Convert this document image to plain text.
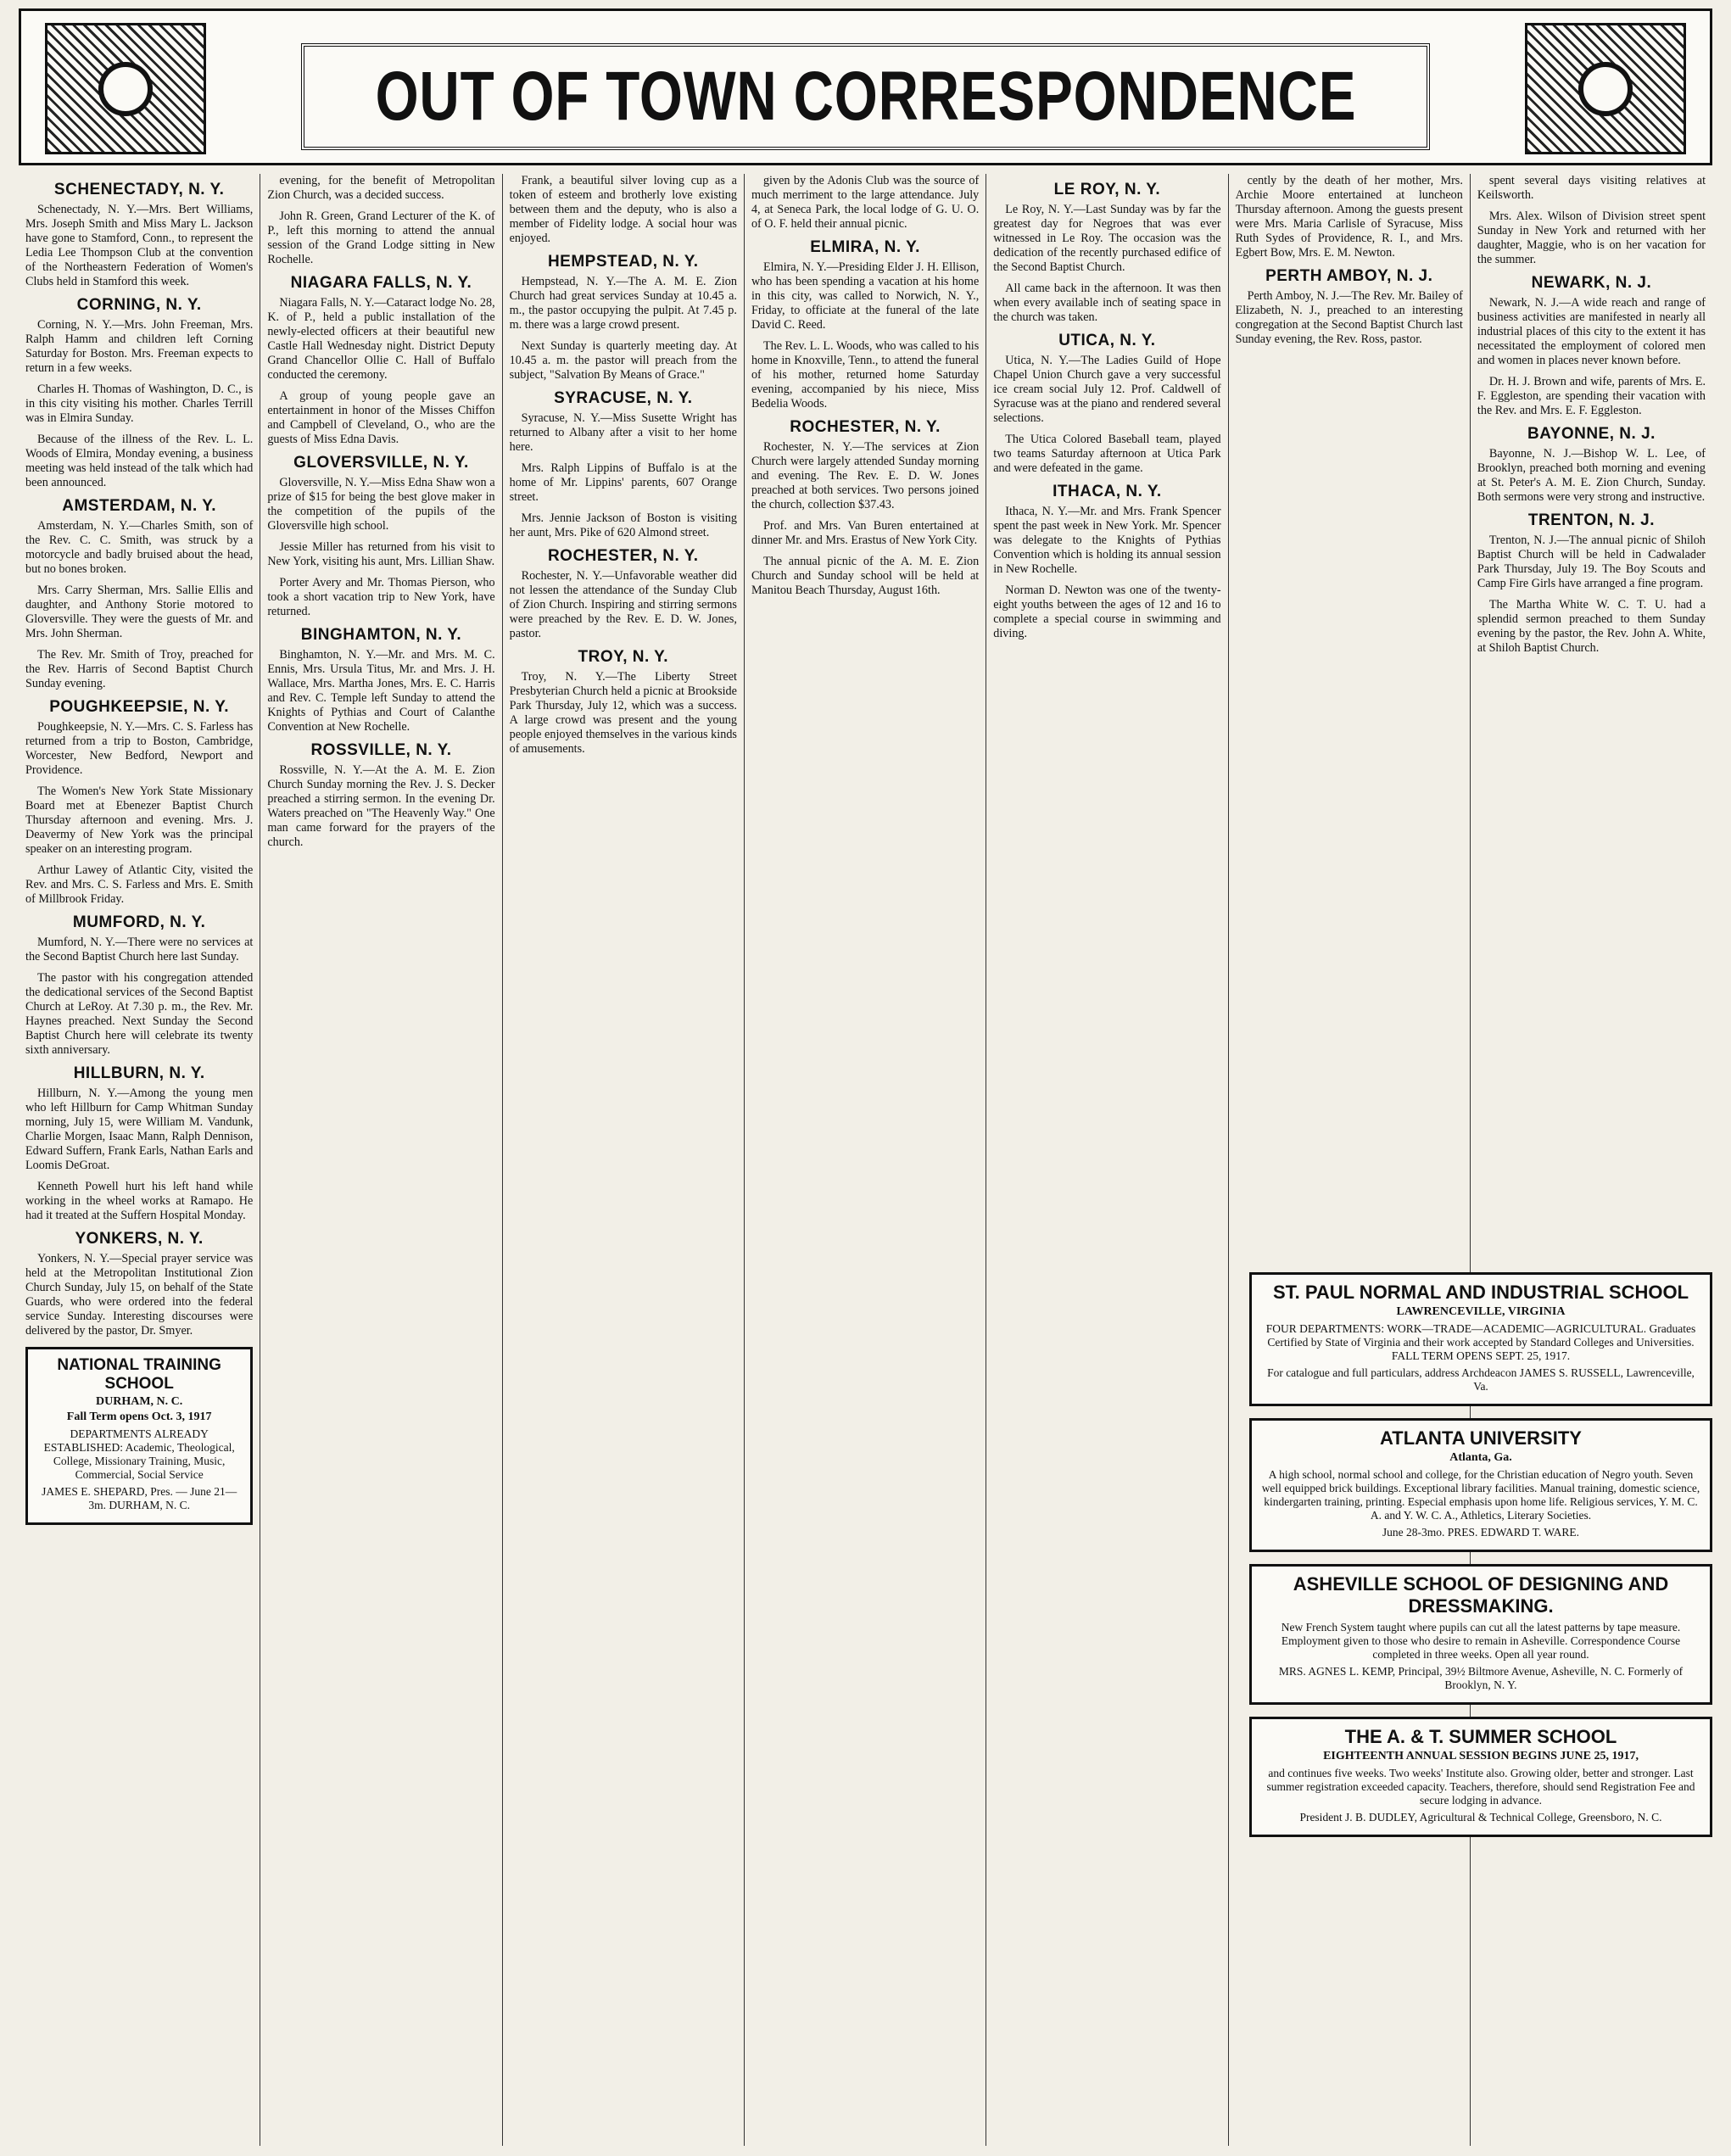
OUT OF TOWN CORRESPONDENCE
SCHENECTADY, N. Y.

Schenectady, N. Y.—Mrs. Bert Williams, Mrs. Joseph Smith and Miss Mary L. Jackson have gone to Stamford, Conn., to represent the Ledia Lee Thompson Club at the convention of the Northeastern Federation of Women's Clubs held in Stamford this week.

CORNING, N. Y.

Corning, N. Y.—Mrs. John Freeman, Mrs. Ralph Hamm and children left Corning Saturday for Boston. Mrs. Freeman expects to return in a few weeks.

Charles H. Thomas of Washington, D. C., is in this city visiting his mother. Charles Terrill was in Elmira Sunday.

Because of the illness of the Rev. L. L. Woods of Elmira, Monday evening, a business meeting was held instead of the talk which had been announced.

AMSTERDAM, N. Y.

Amsterdam, N. Y.—Charles Smith, son of the Rev. C. C. Smith, was struck by a motorcycle and badly bruised about the head, but no bones broken.

Mrs. Carry Sherman, Mrs. Sallie Ellis and daughter, and Anthony Storie motored to Gloversville. They were the guests of Mr. and Mrs. John Sherman.

The Rev. Mr. Smith of Troy, preached for the Rev. Harris of Second Baptist Church Sunday evening.

POUGHKEEPSIE, N. Y.

Poughkeepsie, N. Y.—Mrs. C. S. Farless has returned from a trip to Boston, Cambridge, Worcester, New Bedford, Newport and Providence.

The Women's New York State Missionary Board met at Ebenezer Baptist Church Thursday afternoon and evening. Mrs. J. Deavermy of New York was the principal speaker on an interesting program.

Arthur Lawey of Atlantic City, visited the Rev. and Mrs. C. S. Farless and Mrs. E. Smith of Millbrook Friday.

MUMFORD, N. Y.

Mumford, N. Y.—There were no services at the Second Baptist Church here last Sunday.

The pastor with his congregation attended the dedicational services of the Second Baptist Church at LeRoy. At 7.30 p. m., the Rev. Mr. Haynes preached. Next Sunday the Second Baptist Church here will celebrate its twenty sixth anniversary.

HILLBURN, N. Y.

Hillburn, N. Y.—Among the young men who left Hillburn for Camp Whitman Sunday morning, July 15, were William M. Vandunk, Charlie Morgen, Isaac Mann, Ralph Dennison, Edward Suffern, Frank Earls, Nathan Earls and Loomis DeGroat.

Kenneth Powell hurt his left hand while working in the wheel works at Ramapo. He had it treated at the Suffern Hospital Monday.

YONKERS, N. Y.

Yonkers, N. Y.—Special prayer service was held at the Metropolitan Institutional Zion Church Sunday, July 15, on behalf of the State Guards, who were ordered into the federal service Sunday. Interesting discourses were delivered by the pastor, Dr. Smyer.

NATIONAL TRAINING SCHOOL
DURHAM, N. C.
Fall Term opens Oct. 3, 1917

DEPARTMENTS ALREADY ESTABLISHED: Academic, Theological, College, Missionary Training, Music, Commercial, Social Service

JAMES E. SHEPARD, Pres. — June 21—3m. DURHAM, N. C.

evening, for the benefit of Metropolitan Zion Church, was a decided success.

John R. Green, Grand Lecturer of the K. of P., left this morning to attend the annual session of the Grand Lodge sitting in New Rochelle.

NIAGARA FALLS, N. Y.

Niagara Falls, N. Y.—Cataract lodge No. 28, K. of P., held a public installation of the newly-elected officers at their beautiful new Castle Hall Wednesday night. District Deputy Grand Chancellor Ollie C. Hall of Buffalo conducted the ceremony.

A group of young people gave an entertainment in honor of the Misses Chiffon and Campbell of Cleveland, O., who are the guests of Miss Edna Davis.

GLOVERSVILLE, N. Y.

Gloversville, N. Y.—Miss Edna Shaw won a prize of $15 for being the best glove maker in the competition of the pupils of the Gloversville high school.

Jessie Miller has returned from his visit to New York, visiting his aunt, Mrs. Lillian Shaw.

Porter Avery and Mr. Thomas Pierson, who took a short vacation trip to New York, have returned.

BINGHAMTON, N. Y.

Binghamton, N. Y.—Mr. and Mrs. M. C. Ennis, Mrs. Ursula Titus, Mr. and Mrs. J. H. Wallace, Mrs. Martha Jones, Mrs. E. C. Harris and Rev. C. Temple left Sunday to attend the Knights of Pythias and Court of Calanthe Convention at New Rochelle.

ROSSVILLE, N. Y.

Rossville, N. Y.—At the A. M. E. Zion Church Sunday morning the Rev. J. S. Decker preached a stirring sermon. In the evening Dr. Waters preached on "The Heavenly Way." One man came forward for the prayers of the church.

Frank, a beautiful silver loving cup as a token of esteem and brotherly love existing between them and the deputy, who is also a member of Fidelity lodge. A social hour was enjoyed.

HEMPSTEAD, N. Y.

Hempstead, N. Y.—The A. M. E. Zion Church had great services Sunday at 10.45 a. m., the pastor occupying the pulpit. At 7.45 p. m. there was a large crowd present.

Next Sunday is quarterly meeting day. At 10.45 a. m. the pastor will preach from the subject, "Salvation By Means of Grace."

SYRACUSE, N. Y.

Syracuse, N. Y.—Miss Susette Wright has returned to Albany after a visit to her home here.

Mrs. Ralph Lippins of Buffalo is at the home of Mr. Lippins' parents, 607 Orange street.

Mrs. Jennie Jackson of Boston is visiting her aunt, Mrs. Pike of 620 Almond street.

ROCHESTER, N. Y.

Rochester, N. Y.—Unfavorable weather did not lessen the attendance of the Sunday Club of Zion Church. Inspiring and stirring sermons were preached by the Rev. E. D. W. Jones, pastor.

TROY, N. Y.

Troy, N. Y.—The Liberty Street Presbyterian Church held a picnic at Brookside Park Thursday, July 12, which was a success. A large crowd was present and the young people enjoyed themselves in the various kinds of amusements.

given by the Adonis Club was the source of much merriment to the large attendance. July 4, at Seneca Park, the local lodge of G. U. O. of O. F. held their annual picnic.

ELMIRA, N. Y.

Elmira, N. Y.—Presiding Elder J. H. Ellison, who has been spending a vacation at his home in this city, was called to Norwich, N. Y., Friday, to officiate at the funeral of the late David C. Reed.

The Rev. L. L. Woods, who was called to his home in Knoxville, Tenn., to attend the funeral of his mother, returned home Saturday evening, accompanied by his niece, Miss Bedelia Woods.

ROCHESTER, N. Y.

Rochester, N. Y.—The services at Zion Church were largely attended Sunday morning and evening. The Rev. E. D. W. Jones preached at both services. Two persons joined the church, collection $37.43.

Prof. and Mrs. Van Buren entertained at dinner Mr. and Mrs. Erastus of New York City.

The annual picnic of the A. M. E. Zion Church and Sunday school will be held at Manitou Beach Thursday, August 16th.

LE ROY, N. Y.

Le Roy, N. Y.—Last Sunday was by far the greatest day for Negroes that was ever witnessed in Le Roy. The occasion was the dedication of the recently purchased edifice of the Second Baptist Church.

All came back in the afternoon. It was then when every available inch of seating space in the church was taken.

UTICA, N. Y.

Utica, N. Y.—The Ladies Guild of Hope Chapel Union Church gave a very successful ice cream social July 12. Prof. Caldwell of Syracuse was at the piano and rendered several selections.

The Utica Colored Baseball team, played two teams Saturday afternoon at Utica Park and were defeated in the game.

ITHACA, N. Y.

Ithaca, N. Y.—Mr. and Mrs. Frank Spencer spent the past week in New York. Mr. Spencer was delegate to the Knights of Pythias Convention which is holding its annual session in New Rochelle.

Norman D. Newton was one of the twenty-eight youths between the ages of 12 and 16 to complete a special course in swimming and diving.

cently by the death of her mother, Mrs. Archie Moore entertained at luncheon Thursday afternoon. Among the guests present were Mrs. Maria Carlisle of Syracuse, Miss Ruth Sydes of Providence, R. I., and Mrs. Egbert Bow, Mrs. E. M. Newton.

PERTH AMBOY, N. J.

Perth Amboy, N. J.—The Rev. Mr. Bailey of Elizabeth, N. J., preached to an interesting congregation at the Second Baptist Church last Sunday evening, the Rev. Ross, pastor.

spent several days visiting relatives at Keilsworth.

Mrs. Alex. Wilson of Division street spent Sunday in New York and returned with her daughter, Maggie, who is on her vacation for the summer.

NEWARK, N. J.

Newark, N. J.—A wide reach and range of business activities are manifested in nearly all industrial places of this city to the extent it has necessitated the employment of colored men and women in places never known before.

Dr. H. J. Brown and wife, parents of Mrs. E. F. Eggleston, are spending their vacation with the Rev. and Mrs. E. F. Eggleston.

BAYONNE, N. J.

Bayonne, N. J.—Bishop W. L. Lee, of Brooklyn, preached both morning and evening at St. Peter's A. M. E. Zion Church, Sunday. Both sermons were very strong and instructive.

TRENTON, N. J.

Trenton, N. J.—The annual picnic of Shiloh Baptist Church will be held in Cadwalader Park Thursday, July 19. The Boy Scouts and Camp Fire Girls have arranged a fine program.

The Martha White W. C. T. U. had a splendid sermon preached to them Sunday evening by the pastor, the Rev. John A. White, at Shiloh Baptist Church.

ST. PAUL NORMAL AND INDUSTRIAL SCHOOL
LAWRENCEVILLE, VIRGINIA

FOUR DEPARTMENTS: WORK—TRADE—ACADEMIC—AGRICULTURAL. Graduates Certified by State of Virginia and their work accepted by Standard Colleges and Universities. FALL TERM OPENS SEPT. 25, 1917.

For catalogue and full particulars, address Archdeacon JAMES S. RUSSELL, Lawrenceville, Va.

ATLANTA UNIVERSITY
Atlanta, Ga.

A high school, normal school and college, for the Christian education of Negro youth. Seven well equipped brick buildings. Exceptional library facilities. Manual training, domestic science, kindergarten training, printing. Especial emphasis upon home life. Religious services, Y. M. C. A. and Y. W. C. A., Athletics, Literary Societies.

June 28-3mo. PRES. EDWARD T. WARE.

ASHEVILLE SCHOOL OF DESIGNING AND DRESSMAKING.

New French System taught where pupils can cut all the latest patterns by tape measure. Employment given to those who desire to remain in Asheville. Correspondence Course completed in three weeks. Open all year round.

MRS. AGNES L. KEMP, Principal, 39½ Biltmore Avenue, Asheville, N. C. Formerly of Brooklyn, N. Y.

THE A. & T. SUMMER SCHOOL
EIGHTEENTH ANNUAL SESSION BEGINS JUNE 25, 1917,

and continues five weeks. Two weeks' Institute also. Growing older, better and stronger. Last summer registration exceeded capacity. Teachers, therefore, should send Registration Fee and secure lodging in advance.

President J. B. DUDLEY, Agricultural & Technical College, Greensboro, N. C.
